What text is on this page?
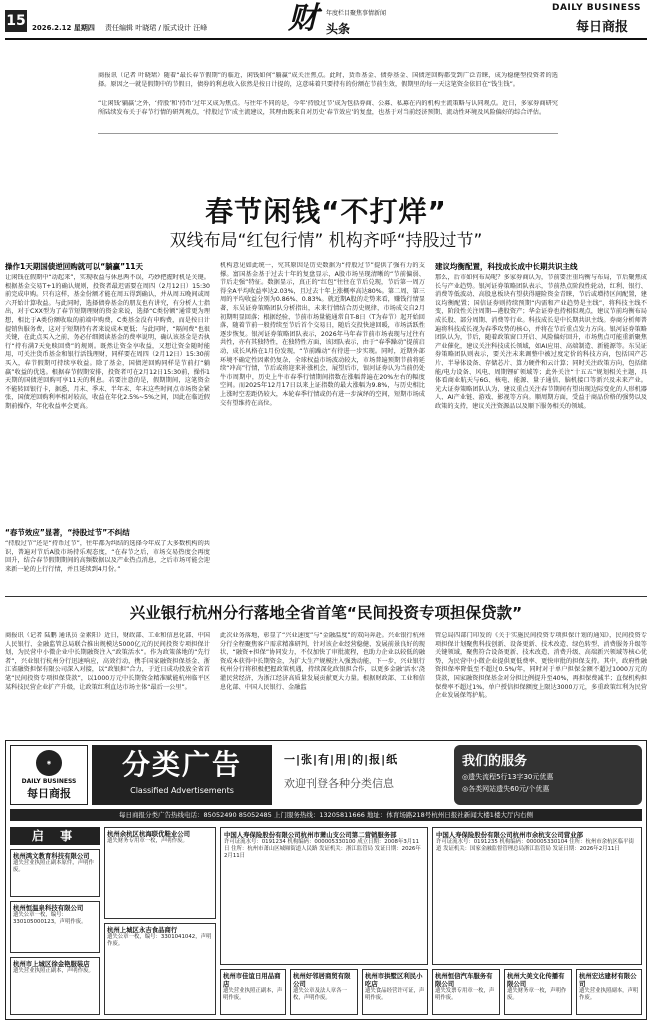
15 2026.2.12 星期四 责任编辑 叶晓珺 / 版式设计 汪峰	财 年度栏目聚焦事情新闻
头条
DAILY BUSINESS
每日商报
商报讯（记者 叶晓珺）随着“最长春节假期”的临近，闲钱如何“躺赢”成关注焦点。此时，货币基金、债券基金、国债逆回购都受到广泛青睐，成为稳健型投资者的选择。原因之一就是假期中的节假日，债券的利息收入依然是按日计提的，这意味着只要持有的份额在节前生效，假期里的每一天这笔资金依旧在“钱生钱”。
“让闲钱‘躺赢’之外，‘持股’和‘持币’过年又成为焦点。与往年不同的是，今年‘持股过节’成为包括券商、公募、私募在内的机构主流策略与认同观点。近日，多家券商研究所陆续发布关于春节行情的研判观点，‘持股过节’成主流建议，其理由既来自对历史‘春节效应’的复盘，也基于对当前经济预期、流动性环境及风险偏好的综合评估。
春节闲钱“不打烊”
双线布局“红包行情” 机构齐呼“持股过节”
操作1天期国债逆回购就可以“躺赢”11天
让闲钱在假期中“动起来”，实现收益与休息两不误，巧妙把握时机是关键。根据基金交易T+1的确认规则，投资者最迟需要在周四（2月12日）15:30前完成申购。只有这样，基金份额才能在周五得到确认，并从周五晚间或周六开始计算收益。与此同时，选择债券基金的朋友也有讲究，有分析人士指出，对于CXX型为了春节短期理财的资金来说，选择“C类份额”通常更为理想，相比于A类份额收取的前端申购费，C类基金没有申购费，而是按日计提销售服务费，这对于短期持有者来说成本更低；与此同时，“隔间费”也很关键，在此点买入之前，务必仔细阅读基金的费率说明，确认该基金是否执行“持有满7天免赎回费”的规则。既然让资金享收益，又想让资金随时能用，可关注货币基金和银行活钱理财，同样要在周四（2月12日）15:30前买入，春节假期可持续享收益。除了基金，国债逆回购同样是节前打“躺赢”收益的优选。根据春节假期安排，投资者可在2月12日15:30前，操作1天期的国债逆回购可享11天的利息。若要注意的是，假期期间，这笔资金不能转回银行卡，据悉，月末、季末、半年末、年末这些时间点市场资金紧张，国债逆回购利率相对较高，收益在年化2.5%~5%之间，因此在临近假期前操作，年化收益率会更高。
“春节效应”显著，“持股过节”不纠结
“持股过节”还是“持币过节”，往年都为纠结的选择今年成了大多数机构的共识，普遍对节后A股市场持乐观态度，“在春节之后，市场交易热度会再度回升，结合春节假期期间的高频数据以及产业热点消息，之后市场可能会迎来新一轮的上行行情，并且延续到4月份。”
机构意见如此统一，究其原因是历史数据为“持股过节”提供了强有力的支撑。富国基金基于过去十年的复盘显示，A股市场呈现清晰的“节前偏弱、节后走强”特征。数据显示，真正的“红包”往往在节后兑现，节后第一周万得全A平均收益率达2.03%，且过去十年上涨概率高达80%。第二周、第三周的平均收益分别为0.86%、0.83%。就近期A股的走势来看，赚钱行情显著，东吴证券策略团队分析指出，未来行情结合历史规律，市场成交自2月初期明显回落；根据经验，节前市场量能通常自T-8日（T为春节）起开始回落，随着节前一般持续至节后首个交易日，随后交投快速回暖，市场活跃性逐步恢复。银河证券策略团队表示，2026年马年春节前市场表现与过往有共性，亦有其独特性，在独特性方面，该团队表示，由于“春季躁动”提前启动，成长风格在1月份发现，“节前躁动”有待进一步实现。同时，近期外部环境不确定性因素仍复杂，全球权益市场波动较大，市场普遍预期节前将延续“冲高”行情，节后或将迎来补涨机会，展望后市，银河证券认为当前仍处牛市周期中，历史上牛市春季行情期间指数在涨幅普遍在20%左右的幅度空间。而2025年12月17日以来上证指数的最大涨幅为9.8%，与历史相比上涨时空差距仍较大，本轮春季行情或仍有进一步演绎的空间，短期市场成交有望维持在高位。
建议均衡配置，科技成长成中长期共识主线
那么，后市如何布局呢？多家券商认为，节前要注重均衡与布局，节后聚焦成长与产业趋势。银河证券策略团队表示，节前热点阶段性轮动，红利、银行、消费等低波动、高股息板块有望获得避险资金青睐，节后或增持区间配置，建议均衡配置；国信证券则持续预期“内需和产业趋势是主线”，将科技主线不变，阶段性关注周期—港股资产；华金证券也持相似观点，建议节前均衡布局成长股、部分周期、消费等行业。科技成长是中长期共识主线。券商分析师普遍将科技成长视为春季攻势的核心，并将在节后重点发力方向。银河证券策略团队认为，节后，随着政策窗口开启、风险偏好回升，市场焦点可能重新聚焦产业催化，建议关注科技成长领域，如AI应用、高端制造、新能源等。东吴证券策略团队则表示，要关注未来调整中被过度定价的科技方向，包括国产芯片、半导体设备、存储芯片、算力硬件和云计算；同时关注政策方向，包括储能/电力设备、风电、周期锂矿领域等；此外关注“十五五”规划相关主题，具体看商业航天与6G、核电、能源、量子通信、脑机接口等新兴及未来产业。光大证券策略团队认为，建议重点关注春节期间有望出现边际变化的人形机器人、AI产业链、游戏、影视等方向。顺周期方面，受益于商品价格的强势以及政策的支持，建议关注资源品以及顺下服务相关的领域。
兴业银行杭州分行落地全省首笔“民间投资专项担保贷款”
商报讯（记者 陆鹏 通讯员 金素阳）近日，财政部、工业和信息化部、中国人民银行、金融监管总局联合推出规模达5000亿元的民间投资专项担保计划，为民营中小微企业中长期融资注入“政策活水”。作为政策落地的“先行者”，兴业银行杭州分行迅速响应，高效行动，携手国家融资担保基金、浙江省融资担保有限公司深入对接，以“政银担”合力，于近日成功投放全省首笔“民间投资专项担保贷款”，以1000万元中长期资金精准赋能杭州临平区某科技民营企业扩产升级，让政策红利直达市场主体“最后一公里”。
此次业务落地，彰显了“兴业速度”与“金融温度”的双向奔赴。兴业银行杭州分行全程聚焦客户需求精准研判，针对该企业经营稳健、发展前景良好的现状，“融资+担保”协同发力，不仅加快了审批流程，也助力企业以较低的融资成本获得中长期资金，为扩大生产规模注入强劲动能，下一步，兴业银行杭州分行将积极把握政策机遇，持续深化政银担合作，以更多金融‘活水’浇灌民营经济，为浙江经济高质量发展贡献更大力量。根据财政部、工业和信息化部、中国人民银行、金融监
管总局四部门印发的《关于实施民间投资专项担保计划的通知》，民间投资专项担保计划聚焦科技创新、设备更新、技术改造、绿色转型、消费服务升级等关键领域，聚焦符合设备更新、技术改造、消费升级、高端新兴领域等核心优势，为民营中小微企业提供更低费率、更快审批的担保支持。其中，政府性融资担保率降低至不超过0.5%/年，同时对于单户担保金额不超过1000万元的贷款，国家融资担保基金对分担比例提升至40%，再担保费减半；直保机构担保费率不超过1%，单户授信担保额度上限达3000万元，多重政策红利为民营企业发展保驾护航。
◉
DAILY BUSINESS
每日商报
分类广告
Classified Advertisements
一|张|有|用|的|报|纸
欢迎刊登各种分类信息
我们的服务
◎遗失流程5行13字30元优惠
◎各类网站遗失60元/个优惠
每日商报分类广告热线电话：85052490 85052485 上门服务热线：13205811666 地址：体育场路218号杭州日报社新闻大楼1楼大厅内右侧
启 事
杭州鸿文教育科技有限公司
遗失营业执照正副本原件，声明作废。
杭州恒温泉科技有限公司
遗失公章一枚，编号：330105000123，声明作废。
杭州市上城区徐金艳服装店
遗失营业执照正副本，声明作废。
杭州余杭区杭海联优鞋业公司
遗失财务专用章一枚，声明作废。
杭州上城区永吉食品商行
遗失公章一枚，编号：3301041042，声明作废。
中国人寿保险股份有限公司杭州市萧山支公司第二营销服务部
许可证流水号：0191234 机构编码：000005330100 成立日期：2008年3月11日 住所：杭州市萧山区城厢街道人民路 发证机关：浙江监管局 发证日期：2026年2月11日
中国人寿保险股份有限公司杭州市余杭支公司营业部
许可证流水号：0191235 机构编码：000005330104 住所：杭州市余杭区临平街道 发证机关：国家金融监督管理总局浙江监管局 发证日期：2026年2月11日
杭州市佳谊日用品商店
遗失营业执照正副本，声明作废。
杭州好邻居商贸有限公司
遗失公章及法人章各一枚，声明作废。
杭州市拱墅区利民小吃店
遗失食品经营许可证，声明作废。
杭州恒信汽车服务有限公司
遗失发票专用章一枚，声明作废。
杭州大美文化传播有限公司
遗失财务章一枚，声明作废。
杭州宏达建材有限公司
遗失营业执照副本，声明作废。
